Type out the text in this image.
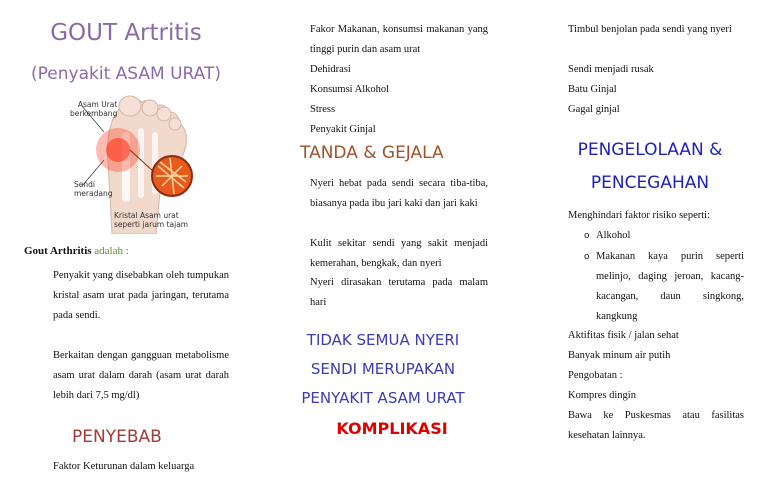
GOUT Artritis
(Penyakit ASAM URAT)
Asam Urat
berkembang
Sendi
meradang
Kristal Asam urat
seperti jarum tajam
Gout Arthritis adalah :
Penyakit yang disebabkan oleh tumpukan kristal asam urat pada jaringan, terutama pada sendi.
Berkaitan dengan gangguan metabolisme asam urat dalam darah (asam urat darah lebih dari 7,5 mg/dl)
PENYEBAB
Faktor Keturunan dalam keluarga
Fakor Makanan, konsumsi makanan yang tinggi purin dan asam urat
Dehidrasi
Konsumsi Alkohol
Stress
Penyakit Ginjal
TANDA & GEJALA
Nyeri hebat pada sendi secara tiba-tiba, biasanya pada ibu jari kaki dan jari kaki
Kulit sekitar sendi yang sakit menjadi kemerahan, bengkak, dan nyeri
Nyeri dirasakan terutama pada malam hari
TIDAK SEMUA NYERI
SENDI MERUPAKAN
PENYAKIT ASAM URAT
KOMPLIKASI
Timbul benjolan pada sendi yang nyeri
Sendi menjadi rusak
Batu Ginjal
Gagal ginjal
PENGELOLAAN &
PENCEGAHAN
Menghindari faktor risiko seperti:
o Alkohol
o Makanan kaya purin seperti melinjo, daging jeroan, kacang-kacangan, daun singkong, kangkung
Aktifitas fisik / jalan sehat
Banyak minum air putih
Pengobatan :
Kompres dingin
Bawa ke Puskesmas atau fasilitas kesehatan lainnya.
